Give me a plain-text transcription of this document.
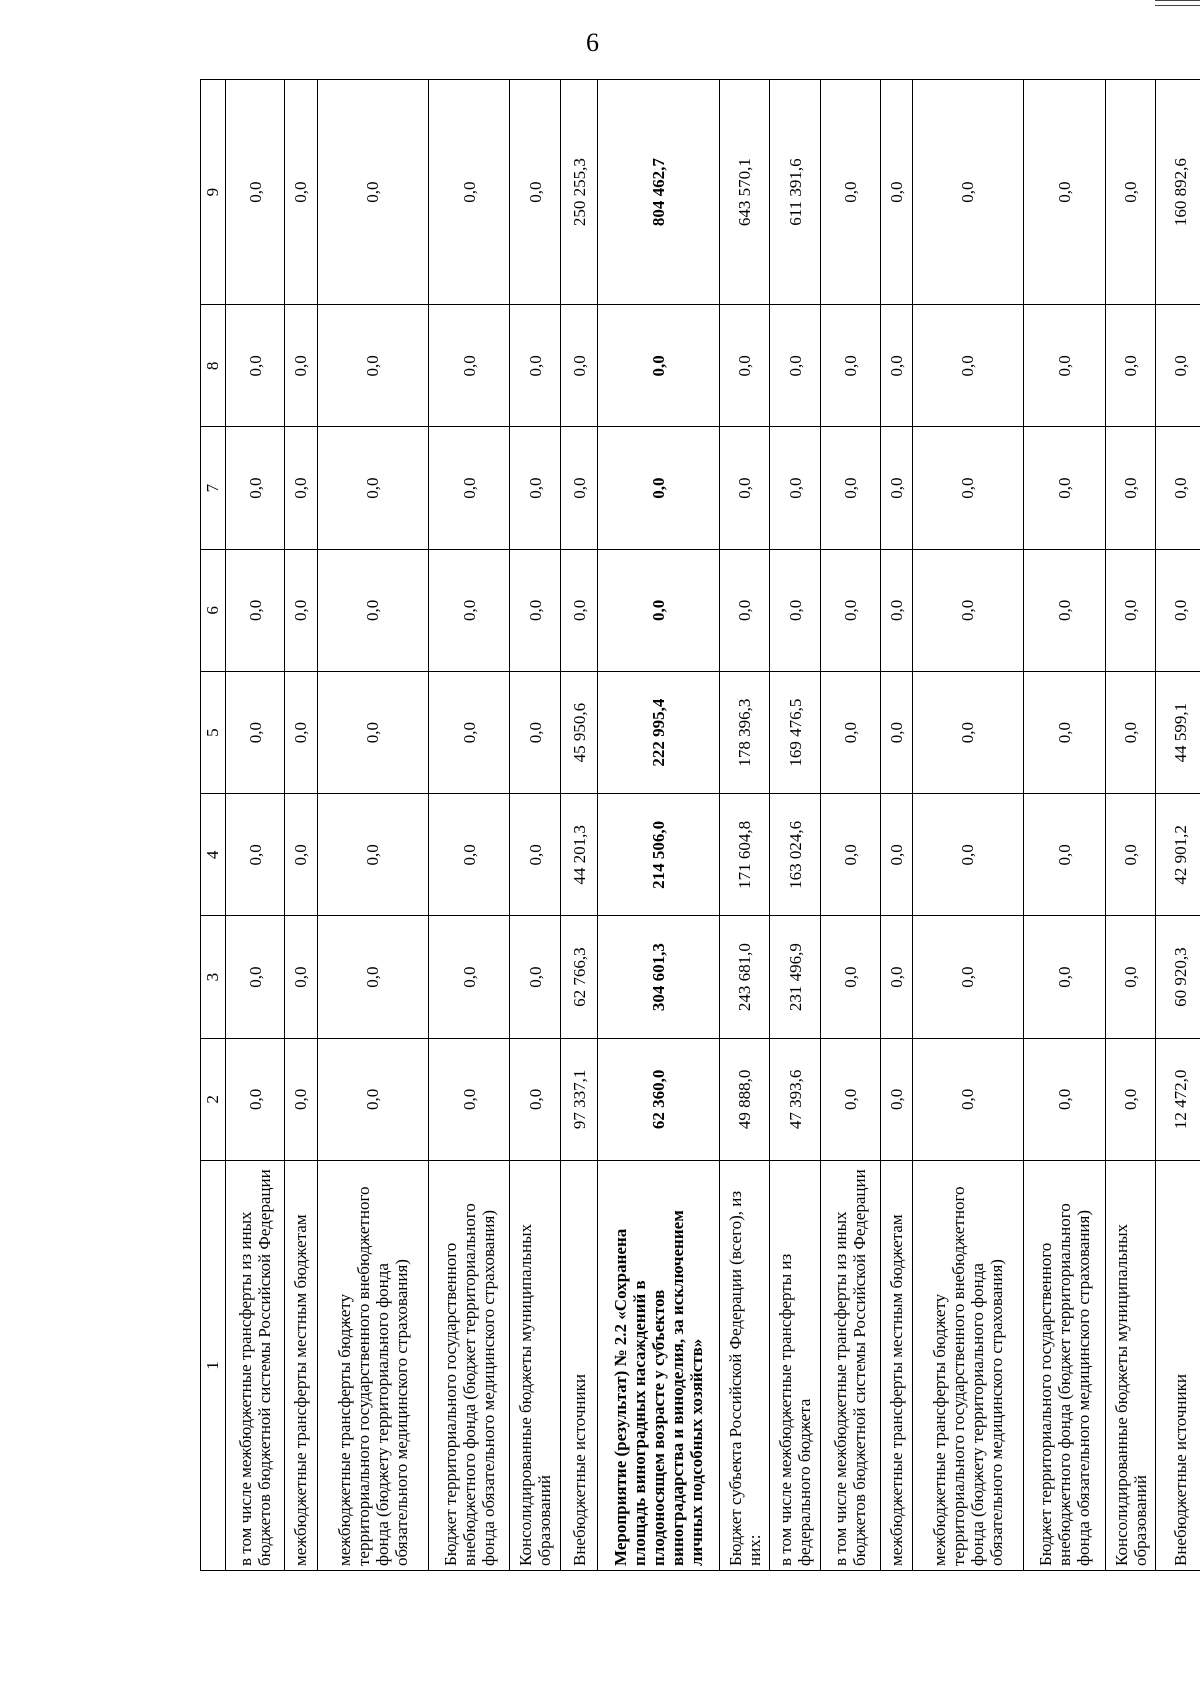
6
1	2	3	4	5	6	7	8	9
в том числе межбюджетные трансферты из иных бюджетов бюджетной системы Российской Федерации	0,0	0,0	0,0	0,0	0,0	0,0	0,0	0,0
межбюджетные трансферты местным бюджетам	0,0	0,0	0,0	0,0	0,0	0,0	0,0	0,0
межбюджетные трансферты бюджету территориального государственного внебюджетного фонда (бюджету территориального фонда обязательного медицинского страхования)	0,0	0,0	0,0	0,0	0,0	0,0	0,0	0,0
Бюджет территориального государственного внебюджетного фонда (бюджет территориального фонда обязательного медицинского страхования)	0,0	0,0	0,0	0,0	0,0	0,0	0,0	0,0
Консолидированные бюджеты муниципальных образований	0,0	0,0	0,0	0,0	0,0	0,0	0,0	0,0
Внебюджетные источники	97 337,1	62 766,3	44 201,3	45 950,6	0,0	0,0	0,0	250 255,3
Мероприятие (результат) № 2.2 «Сохранена площадь виноградных насаждений в плодоносящем возрасте у субъектов виноградарства и виноделия, за исключением личных подсобных хозяйств»	62 360,0	304 601,3	214 506,0	222 995,4	0,0	0,0	0,0	804 462,7
Бюджет субъекта Российской Федерации (всего), из них:	49 888,0	243 681,0	171 604,8	178 396,3	0,0	0,0	0,0	643 570,1
в том числе межбюджетные трансферты из федерального бюджета	47 393,6	231 496,9	163 024,6	169 476,5	0,0	0,0	0,0	611 391,6
в том числе межбюджетные трансферты из иных бюджетов бюджетной системы Российской Федерации	0,0	0,0	0,0	0,0	0,0	0,0	0,0	0,0
межбюджетные трансферты местным бюджетам	0,0	0,0	0,0	0,0	0,0	0,0	0,0	0,0
межбюджетные трансферты бюджету территориального государственного внебюджетного фонда (бюджету территориального фонда обязательного медицинского страхования)	0,0	0,0	0,0	0,0	0,0	0,0	0,0	0,0
Бюджет территориального государственного внебюджетного фонда (бюджет территориального фонда обязательного медицинского страхования)	0,0	0,0	0,0	0,0	0,0	0,0	0,0	0,0
Консолидированные бюджеты муниципальных образований	0,0	0,0	0,0	0,0	0,0	0,0	0,0	0,0
Внебюджетные источники	12 472,0	60 920,3	42 901,2	44 599,1	0,0	0,0	0,0	160 892,6
